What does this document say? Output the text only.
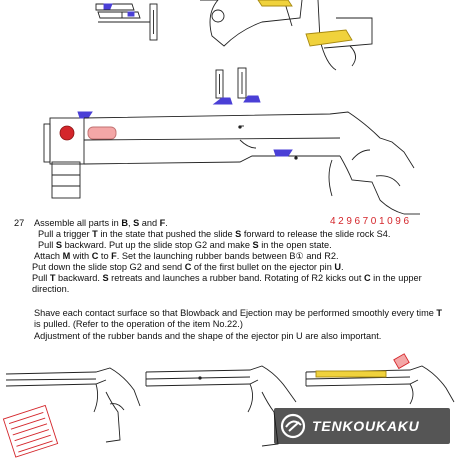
4296701096
27 Assemble all parts in B, S and F.

Pull a trigger T in the state that pushed the slide S forward to release the slide rock S4.

Pull S backward. Put up the slide stop G2 and make S in the open state.

Attach M with C to F. Set the launching rubber bands between B① and R2.

Put down the slide stop G2 and send C of the first bullet on the ejector pin U.

Pull T backward. S retreats and launches a rubber band. Rotating of R2 kicks out C in the upper direction.

Shave each contact surface so that Blowback and Ejection may be performed smoothly every time T is pulled. (Refer to the operation of the item No.22.)

Adjustment of the rubber bands and the shape of the ejector pin U are also important.

TENKOUKAKU
